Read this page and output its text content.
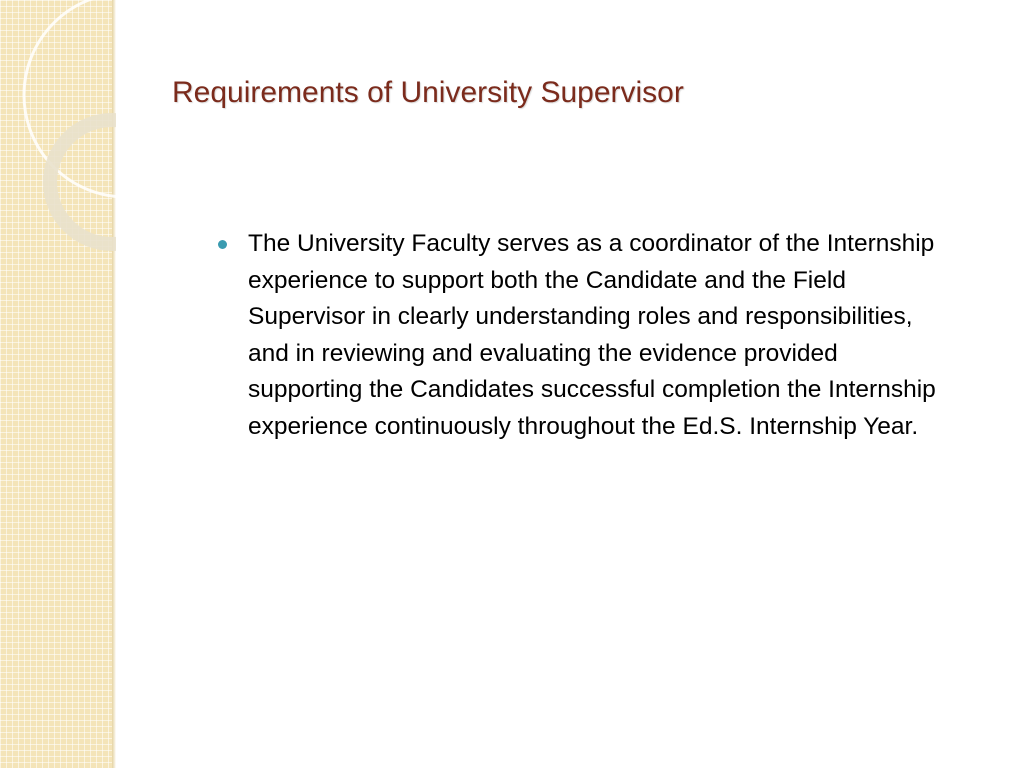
Requirements of University Supervisor
The University Faculty serves as a coordinator of the Internship experience to support both the Candidate and the Field Supervisor in clearly understanding roles and responsibilities, and in reviewing and evaluating the evidence provided supporting the Candidates successful completion the Internship experience continuously throughout the Ed.S. Internship Year.
